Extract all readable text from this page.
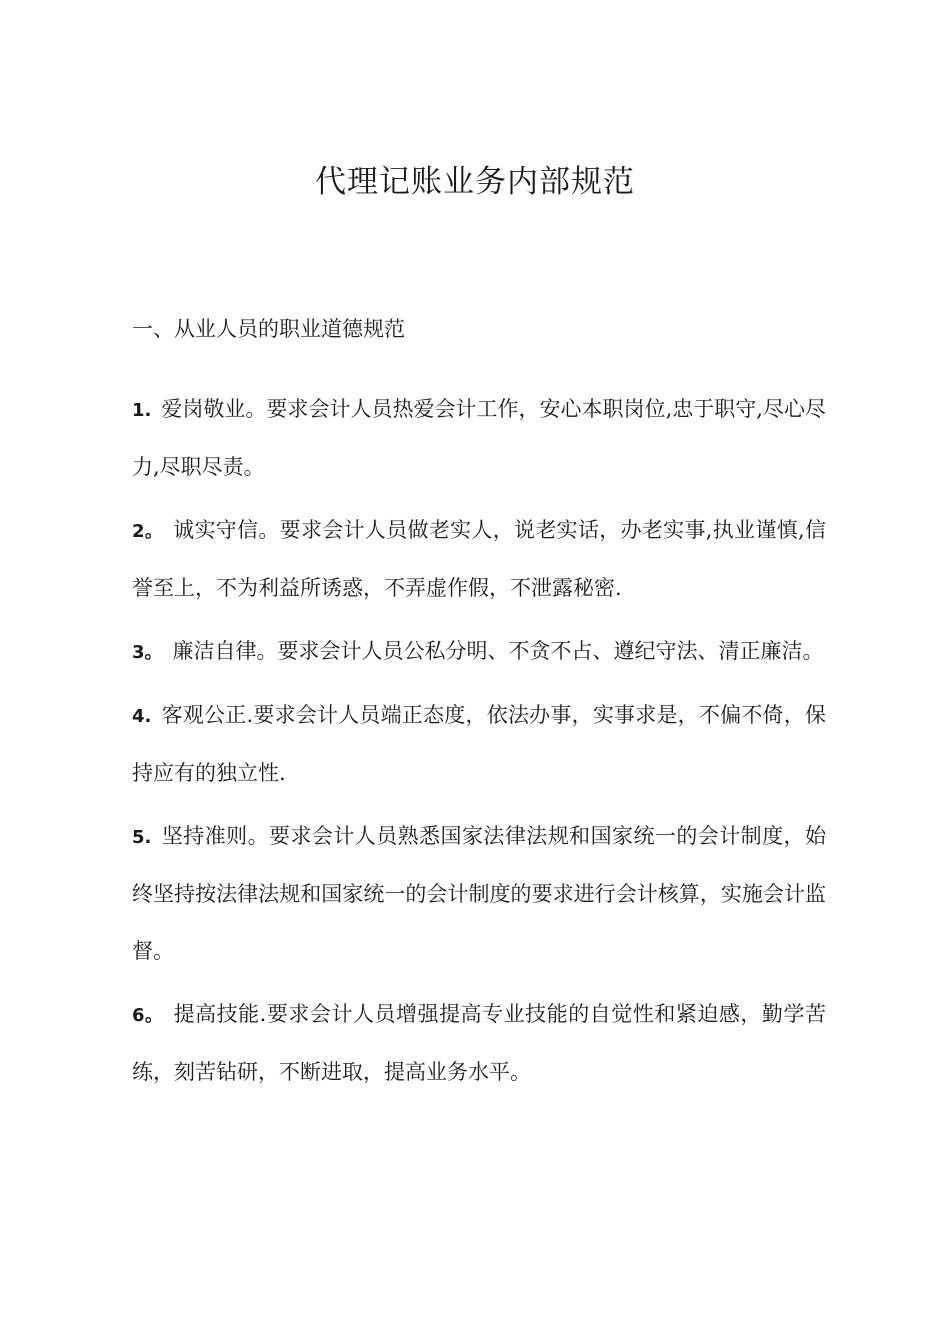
代理记账业务内部规范
一、从业人员的职业道德规范

1. 爱岗敬业。要求会计人员热爱会计工作，安心本职岗位,忠于职守,尽心尽力,尽职尽责。

2。 诚实守信。要求会计人员做老实人，说老实话，办老实事,执业谨慎,信誉至上，不为利益所诱惑，不弄虚作假，不泄露秘密.

3。 廉洁自律。要求会计人员公私分明、不贪不占、遵纪守法、清正廉洁。

4. 客观公正.要求会计人员端正态度，依法办事，实事求是，不偏不倚，保持应有的独立性.

5. 坚持准则。要求会计人员熟悉国家法律法规和国家统一的会计制度，始终坚持按法律法规和国家统一的会计制度的要求进行会计核算，实施会计监督。

6。 提高技能.要求会计人员增强提高专业技能的自觉性和紧迫感，勤学苦练，刻苦钻研，不断进取，提高业务水平。
